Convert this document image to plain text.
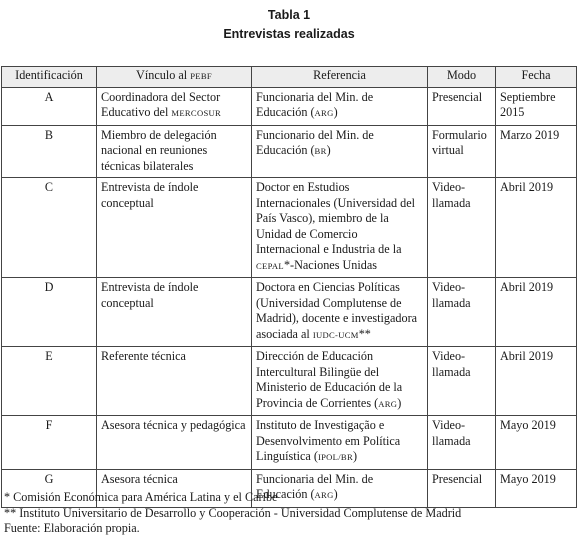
Tabla 1
Entrevistas realizadas
Identificación	Vínculo al PEBF	Referencia	Modo	Fecha
A	Coordinadora del Sector Educativo del MERCOSUR	Funcionaria del Min. de Educación (ARG)	Presencial	Septiembre 2015
B	Miembro de delegación nacional en reuniones técnicas bilaterales	Funcionario del Min. de Educación (BR)	Formulario virtual	Marzo 2019
C	Entrevista de índole conceptual	Doctor en Estudios Internacionales (Universidad del País Vasco), miembro de la Unidad de Comercio Internacional e Industria de la CEPAL*-Naciones Unidas	Video-llamada	Abril 2019
D	Entrevista de índole conceptual	Doctora en Ciencias Políticas (Universidad Complutense de Madrid), docente e investigadora asociada al IUDC-UCM**	Video-llamada	Abril 2019
E	Referente técnica	Dirección de Educación Intercultural Bilingüe del Ministerio de Educación de la Provincia de Corrientes (ARG)	Video-llamada	Abril 2019
F	Asesora técnica y pedagógica	Instituto de Investigação e Desenvolvimento em Política Linguística (IPOL/BR)	Video-llamada	Mayo 2019
G	Asesora técnica	Funcionaria del Min. de Educación (ARG)	Presencial	Mayo 2019
* Comisión Económica para América Latina y el Caribe
** Instituto Universitario de Desarrollo y Cooperación - Universidad Complutense de Madrid
Fuente: Elaboración propia.
